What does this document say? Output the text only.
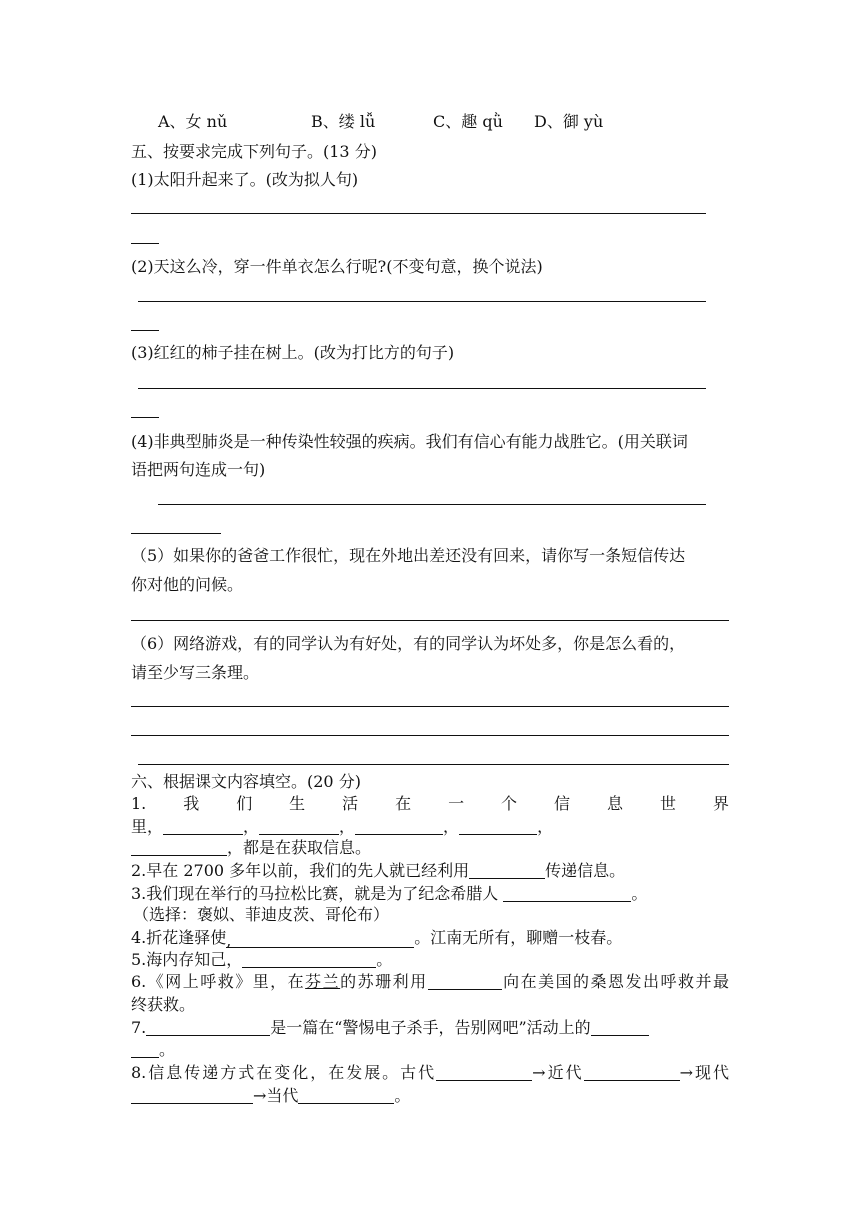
A、女 nǔ	B、缕 lǚ	C、趣 qǜ D、御 yù
五、按要求完成下列句子。(13 分)
(1)太阳升起来了。(改为拟人句)
(2)天这么冷，穿一件单衣怎么行呢?(不变句意，换个说法)
(3)红红的柿子挂在树上。(改为打比方的句子)
(4)非典型肺炎是一种传染性较强的疾病。我们有信心有能力战胜它。(用关联词
语把两句连成一句)
（5）如果你的爸爸工作很忙，现在外地出差还没有回来，请你写一条短信传达
你对他的问候。
（6）网络游戏，有的同学认为有好处，有的同学认为坏处多，你是怎么看的，
请至少写三条理。
六、根据课文内容填空。(20 分)
1. 我 们 生 活 在 一 个 信 息 世 界
里，	，	，	，	，
，都是在获取信息。
2.早在 2700 多年以前，我们的先人就已经利用	传递信息。
3.我们现在举行的马拉松比赛，就是为了纪念希腊人	。
（选择：褒姒、菲迪皮茨、哥伦布）
4.折花逢驿使,	。江南无所有，聊赠一枝春。
5.海内存知己，	。
6.《网上呼救》里，在芬兰的苏珊利用	向在美国的桑恩发出呼救并最
终获救。
7.	是一篇在“警惕电子杀手，告别网吧”活动上的
。
8.信息传递方式在变化，在发展。古代	→近代	→现代
→当代	。
